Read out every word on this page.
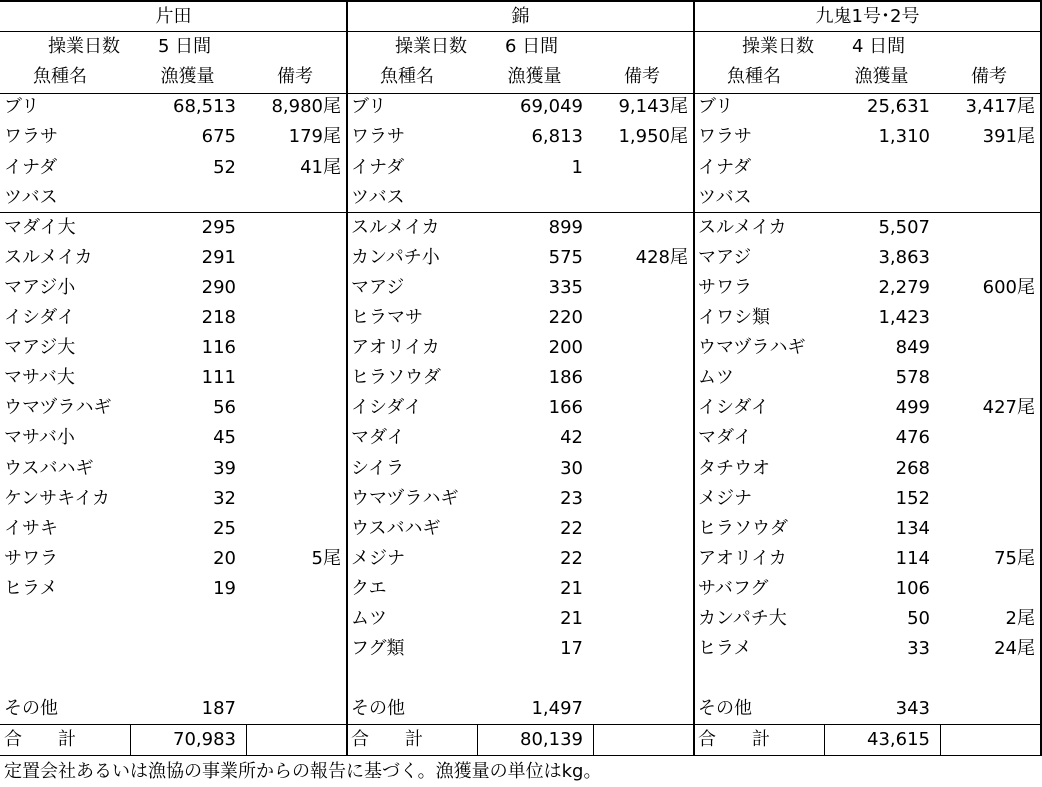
片田
操業日数	5 日間
魚種名	漁獲量	備考
ブリ	68,513	8,980尾
ワラサ	675	179尾
イナダ	52	41尾
ツバス
マダイ大	295
スルメイカ	291
マアジ小	290
イシダイ	218
マアジ大	116
マサバ大	111
ウマヅラハギ	56
マサバ小	45
ウスバハギ	39
ケンサキイカ	32
イサキ	25
サワラ	20	5尾
ヒラメ	19
その他	187
合　　計	70,983
錦
操業日数	6 日間
魚種名	漁獲量	備考
ブリ	69,049	9,143尾
ワラサ	6,813	1,950尾
イナダ	1
ツバス
スルメイカ	899
カンパチ小	575	428尾
マアジ	335
ヒラマサ	220
アオリイカ	200
ヒラソウダ	186
イシダイ	166
マダイ	42
シイラ	30
ウマヅラハギ	23
ウスバハギ	22
メジナ	22
クエ	21
ムツ	21
フグ類	17
その他	1,497
合　　計	80,139
九鬼1号･2号
操業日数	4 日間
魚種名	漁獲量	備考
ブリ	25,631	3,417尾
ワラサ	1,310	391尾
イナダ
ツバス
スルメイカ	5,507
マアジ	3,863
サワラ	2,279	600尾
イワシ類	1,423
ウマヅラハギ	849
ムツ	578
イシダイ	499	427尾
マダイ	476
タチウオ	268
メジナ	152
ヒラソウダ	134
アオリイカ	114	75尾
サバフグ	106
カンパチ大	50	2尾
ヒラメ	33	24尾
その他	343
合　　計	43,615
定置会社あるいは漁協の事業所からの報告に基づく。漁獲量の単位はkg。
